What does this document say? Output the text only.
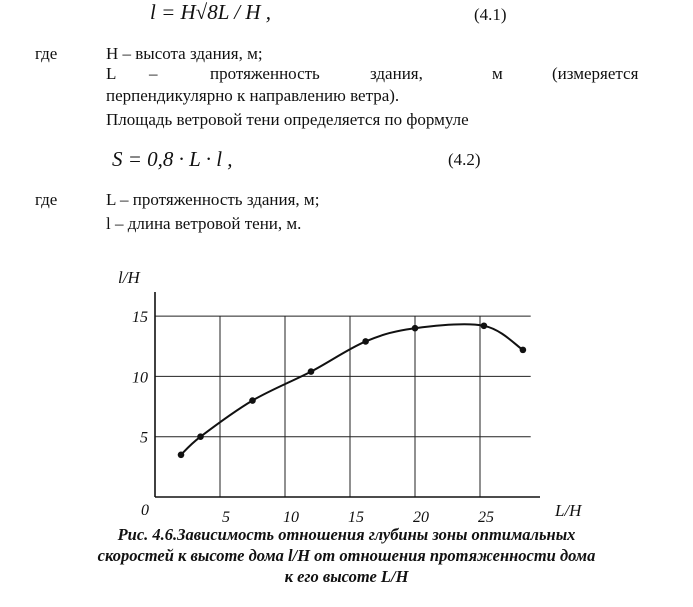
l = H√8L / H ,	(4.1)
где	H – высота здания, м;
L –	протяженность	здания,	м	(измеряется
перпендикулярно к направлению ветра).
Площадь ветровой тени определяется по формуле
S = 0,8 · L · l ,	(4.2)
где	L – протяженность здания, м;
l – длина ветровой тени, м.
0	5	10	15	20	25
5
10
15
l/H
L/H
Рис. 4.6.Зависимость отношения глубины зоны оптимальных
скоростей к высоте дома l/H от отношения протяженности дома
к его высоте L/H
